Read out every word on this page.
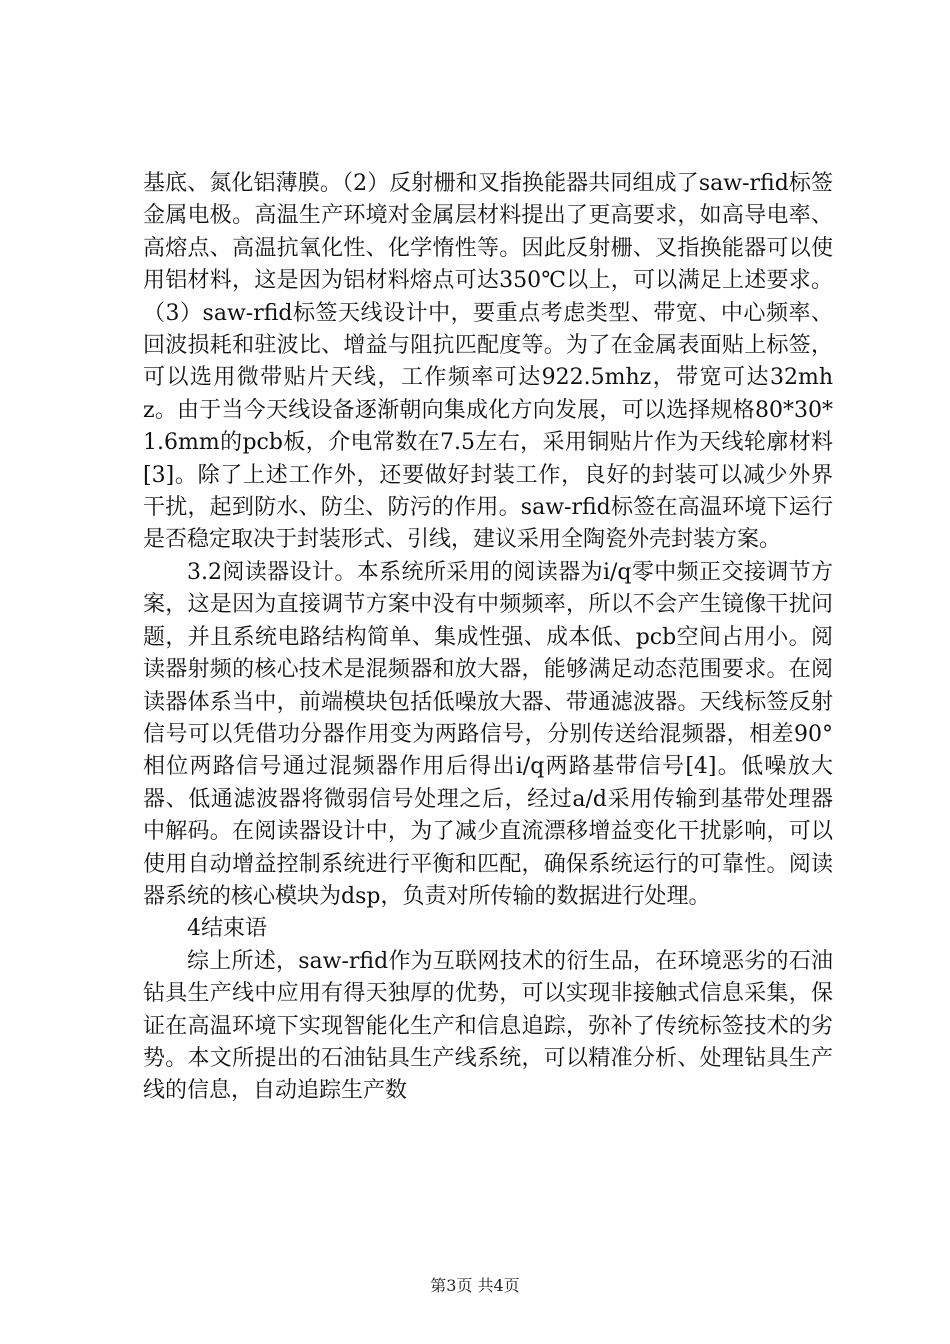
基底、氮化铝薄膜。（2）反射栅和叉指换能器共同组成了saw-rfid标签金属电极。高温生产环境对金属层材料提出了更高要求，如高导电率、高熔点、高温抗氧化性、化学惰性等。因此反射栅、叉指换能器可以使用铝材料，这是因为铝材料熔点可达350℃以上，可以满足上述要求。（3）saw-rfid标签天线设计中，要重点考虑类型、带宽、中心频率、回波损耗和驻波比、增益与阻抗匹配度等。为了在金属表面贴上标签，可以选用微带贴片天线，工作频率可达922.5mhz，带宽可达32mhz。由于当今天线设备逐渐朝向集成化方向发展，可以选择规格80*30*1.6mm的pcb板，介电常数在7.5左右，采用铜贴片作为天线轮廓材料[3]。除了上述工作外，还要做好封装工作，良好的封装可以减少外界干扰，起到防水、防尘、防污的作用。saw-rfid标签在高温环境下运行是否稳定取决于封装形式、引线，建议采用全陶瓷外壳封装方案。

3.2阅读器设计。本系统所采用的阅读器为i/q零中频正交接调节方案，这是因为直接调节方案中没有中频频率，所以不会产生镜像干扰问题，并且系统电路结构简单、集成性强、成本低、pcb空间占用小。阅读器射频的核心技术是混频器和放大器，能够满足动态范围要求。在阅读器体系当中，前端模块包括低噪放大器、带通滤波器。天线标签反射信号可以凭借功分器作用变为两路信号，分别传送给混频器，相差90°相位两路信号通过混频器作用后得出i/q两路基带信号[4]。低噪放大器、低通滤波器将微弱信号处理之后，经过a/d采用传输到基带处理器中解码。在阅读器设计中，为了减少直流漂移增益变化干扰影响，可以使用自动增益控制系统进行平衡和匹配，确保系统运行的可靠性。阅读器系统的核心模块为dsp，负责对所传输的数据进行处理。

4结束语

综上所述，saw-rfid作为互联网技术的衍生品，在环境恶劣的石油钻具生产线中应用有得天独厚的优势，可以实现非接触式信息采集，保证在高温环境下实现智能化生产和信息追踪，弥补了传统标签技术的劣势。本文所提出的石油钻具生产线系统，可以精准分析、处理钻具生产线的信息，自动追踪生产数

第3页 共4页
